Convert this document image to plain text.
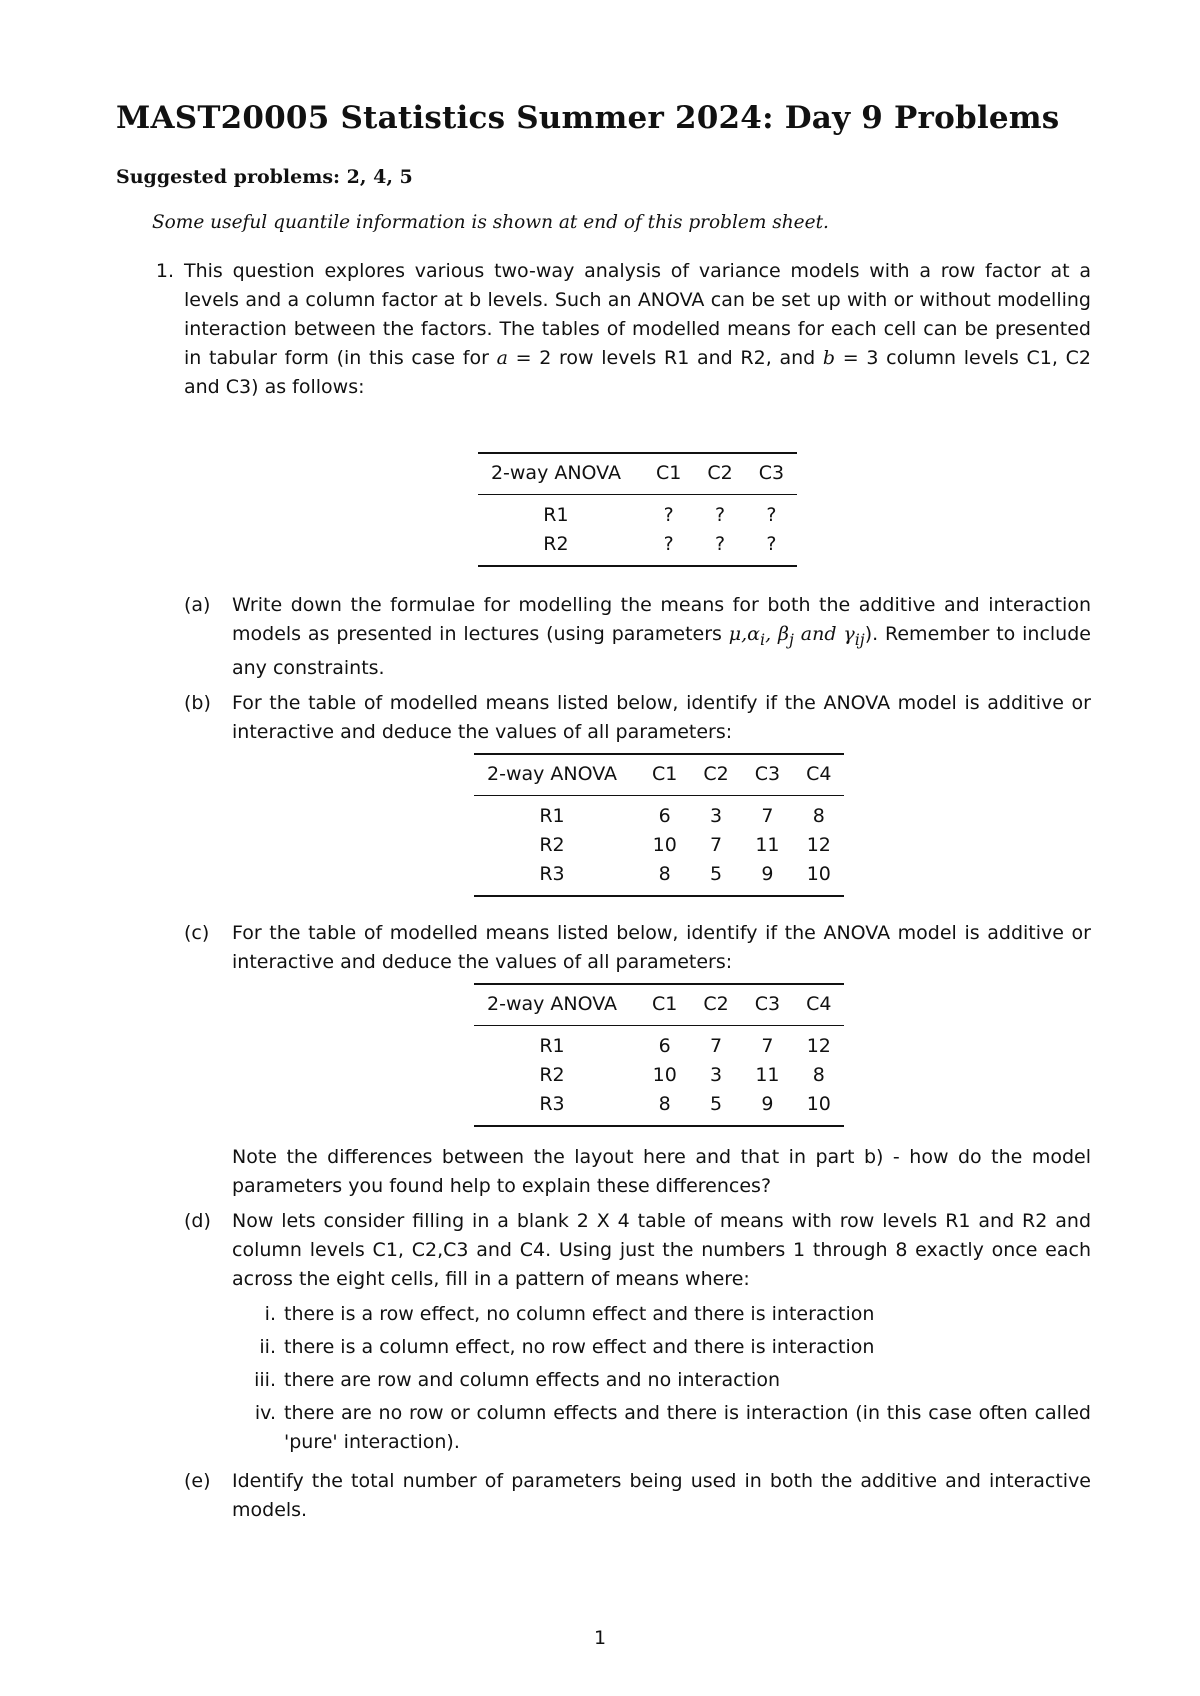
MAST20005 Statistics Summer 2024: Day 9 Problems
Suggested problems: 2, 4, 5
Some useful quantile information is shown at end of this problem sheet.
1. This question explores various two-way analysis of variance models with a row factor at a levels and a column factor at b levels. Such an ANOVA can be set up with or without modelling interaction between the factors. The tables of modelled means for each cell can be presented in tabular form (in this case for a = 2 row levels R1 and R2, and b = 3 column levels C1, C2 and C3) as follows:
2-way ANOVA	C1	C2	C3
R1	?	?	?
R2	?	?	?
(a)	Write down the formulae for modelling the means for both the additive and interaction models as presented in lectures (using parameters $\mu,\alpha_i$, $\beta_j$ and $\gamma_{ij}$). Remember to include any constraints.
(b)	For the table of modelled means listed below, identify if the ANOVA model is additive or interactive and deduce the values of all parameters:
2-way ANOVA	C1	C2	C3	C4
R1	6	3	7	8
R2	10	7	11	12
R3	8	5	9	10
(c)	For the table of modelled means listed below, identify if the ANOVA model is additive or interactive and deduce the values of all parameters:
2-way ANOVA	C1	C2	C3	C4
R1	6	7	7	12
R2	10	3	11	8
R3	8	5	9	10
Note the differences between the layout here and that in part b) - how do the model parameters you found help to explain these differences?
(d)	Now lets consider filling in a blank 2 X 4 table of means with row levels R1 and R2 and column levels C1, C2,C3 and C4. Using just the numbers 1 through 8 exactly once each across the eight cells, fill in a pattern of means where:
i. there is a row effect, no column effect and there is interaction
ii. there is a column effect, no row effect and there is interaction
iii. there are row and column effects and no interaction
iv. there are no row or column effects and there is interaction (in this case often called 'pure' interaction).
(e)	Identify the total number of parameters being used in both the additive and interactive models.
1
